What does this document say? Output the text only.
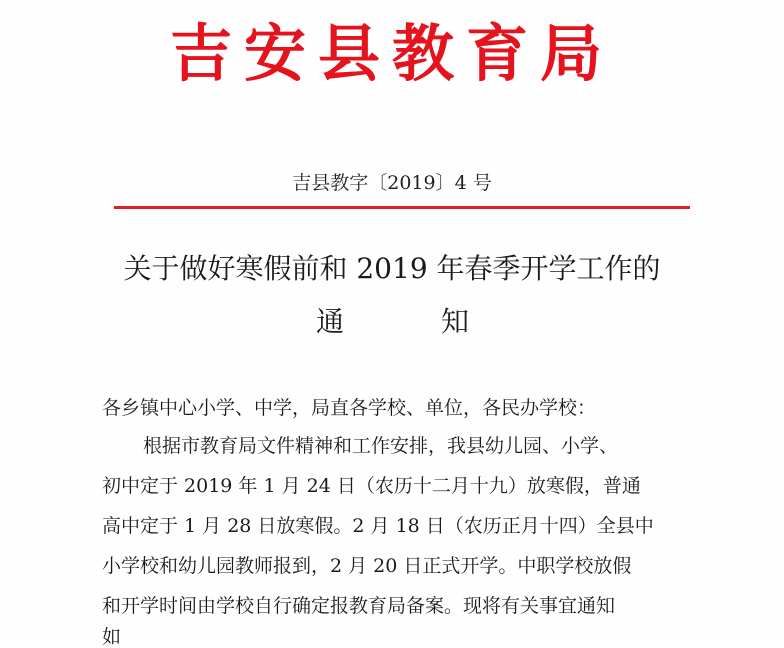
吉安县教育局
吉县教字〔2019〕4 号
关于做好寒假前和 2019 年春季开学工作的
通	知
各乡镇中心小学、中学，局直各学校、单位，各民办学校：
根据市教育局文件精神和工作安排，我县幼儿园、小学、
初中定于 2019 年 1 月 24 日（农历十二月十九）放寒假，普通
高中定于 1 月 28 日放寒假。2 月 18 日（农历正月十四）全县中
小学校和幼儿园教师报到，2 月 20 日正式开学。中职学校放假
和开学时间由学校自行确定报教育局备案。现将有关事宜通知
如
